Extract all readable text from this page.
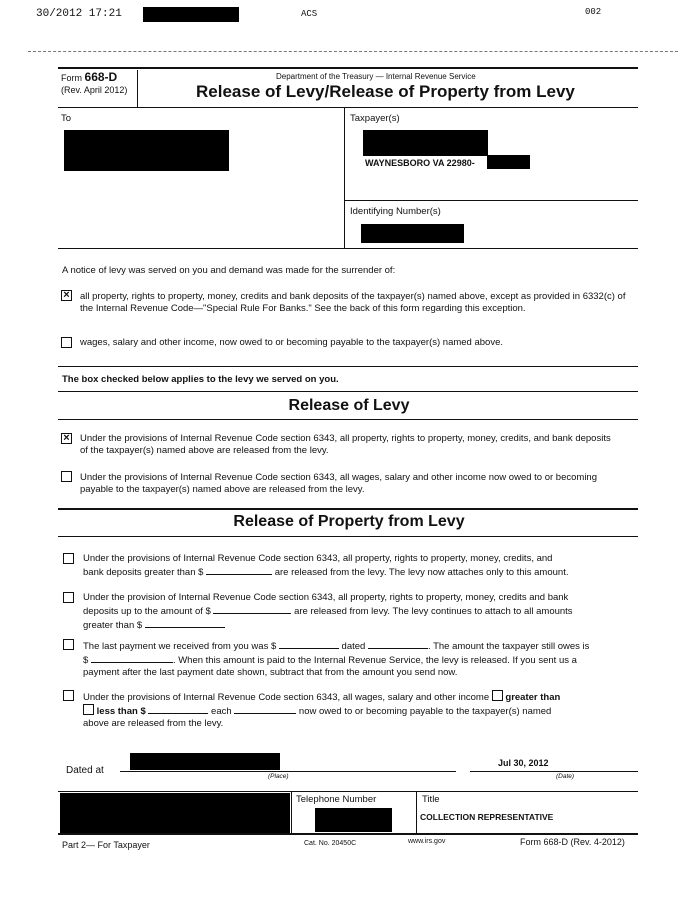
30/2012 17:21	ACS	002
Form 668-D
(Rev. April 2012)
Department of the Treasury — Internal Revenue Service
Release of Levy/Release of Property from Levy
To	Taxpayer(s)
WAYNESBORO VA 22980-
Identifying Number(s)
A notice of levy was served on you and demand was made for the surrender of:
× all property, rights to property, money, credits and bank deposits of the taxpayer(s) named above, except as provided in 6332(c) of the Internal Revenue Code—"Special Rule For Banks." See the back of this form regarding this exception.
wages, salary and other income, now owed to or becoming payable to the taxpayer(s) named above.
The box checked below applies to the levy we served on you.
Release of Levy
× Under the provisions of Internal Revenue Code section 6343, all property, rights to property, money, credits, and bank deposits of the taxpayer(s) named above are released from the levy.
Under the provisions of Internal Revenue Code section 6343, all wages, salary and other income now owed to or becoming payable to the taxpayer(s) named above are released from the levy.
Release of Property from Levy
Under the provisions of Internal Revenue Code section 6343, all property, rights to property, money, credits, and
bank deposits greater than $	are released from the levy. The levy now attaches only to this amount.
Under the provision of Internal Revenue Code section 6343, all property, rights to property, money, credits and bank
deposits up to the amount of $	are released from levy. The levy continues to attach to all amounts
greater than $
The last payment we received from you was $	dated	. The amount the taxpayer still owes is
$	. When this amount is paid to the Internal Revenue Service, the levy is released. If you sent us a
payment after the last payment date shown, subtract that from the amount you send now.
Under the provisions of Internal Revenue Code section 6343, all wages, salary and other income greater than
less than $	each	now owed to or becoming payable to the taxpayer(s) named
above are released from the levy.
Dated at
(Place)
Jul 30, 2012
(Date)
Telephone Number	Title
COLLECTION REPRESENTATIVE
Part 2— For Taxpayer	Cat. No. 20450C	www.irs.gov	Form 668-D (Rev. 4-2012)
